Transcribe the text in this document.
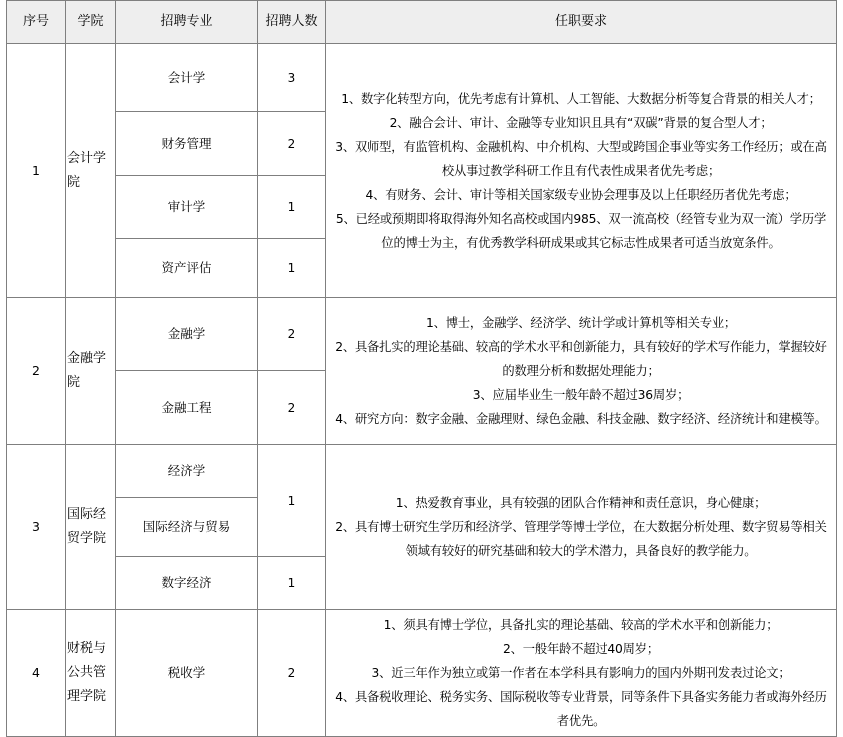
序号	学院	招聘专业	招聘人数	任职要求
1	会计学院	会计学	3	1、数字化转型方向，优先考虑有计算机、人工智能、大数据分析等复合背景的相关人才；
2、融合会计、审计、金融等专业知识且具有“双碳”背景的复合型人才；
3、双师型，有监管机构、金融机构、中介机构、大型或跨国企事业等实务工作经历；或在高校从事过教学科研工作且有代表性成果者优先考虑；
4、有财务、会计、审计等相关国家级专业协会理事及以上任职经历者优先考虑；
5、已经或预期即将取得海外知名高校或国内985、双一流高校（经管专业为双一流）学历学位的博士为主，有优秀教学科研成果或其它标志性成果者可适当放宽条件。

		财务管理	2	
		审计学	1	
		资产评估	1	
2	金融学院	金融学	2	1、博士，金融学、经济学、统计学或计算机等相关专业；
2、具备扎实的理论基础、较高的学术水平和创新能力，具有较好的学术写作能力，掌握较好的数理分析和数据处理能力；
3、应届毕业生一般年龄不超过36周岁；
4、研究方向：数字金融、金融理财、绿色金融、科技金融、数字经济、经济统计和建模等。

		金融工程	2	
3	国际经贸学院	经济学	1	1、热爱教育事业，具有较强的团队合作精神和责任意识，身心健康；
2、具有博士研究生学历和经济学、管理学等博士学位，在大数据分析处理、数字贸易等相关领域有较好的研究基础和较大的学术潜力，具备良好的教学能力。

		国际经济与贸易		
		数字经济	1	
4	财税与公共管理学院	税收学	2	1、须具有博士学位，具备扎实的理论基础、较高的学术水平和创新能力；
2、一般年龄不超过40周岁；
3、近三年作为独立或第一作者在本学科具有影响力的国内外期刊发表过论文；
4、具备税收理论、税务实务、国际税收等专业背景，同等条件下具备实务能力者或海外经历者优先。
